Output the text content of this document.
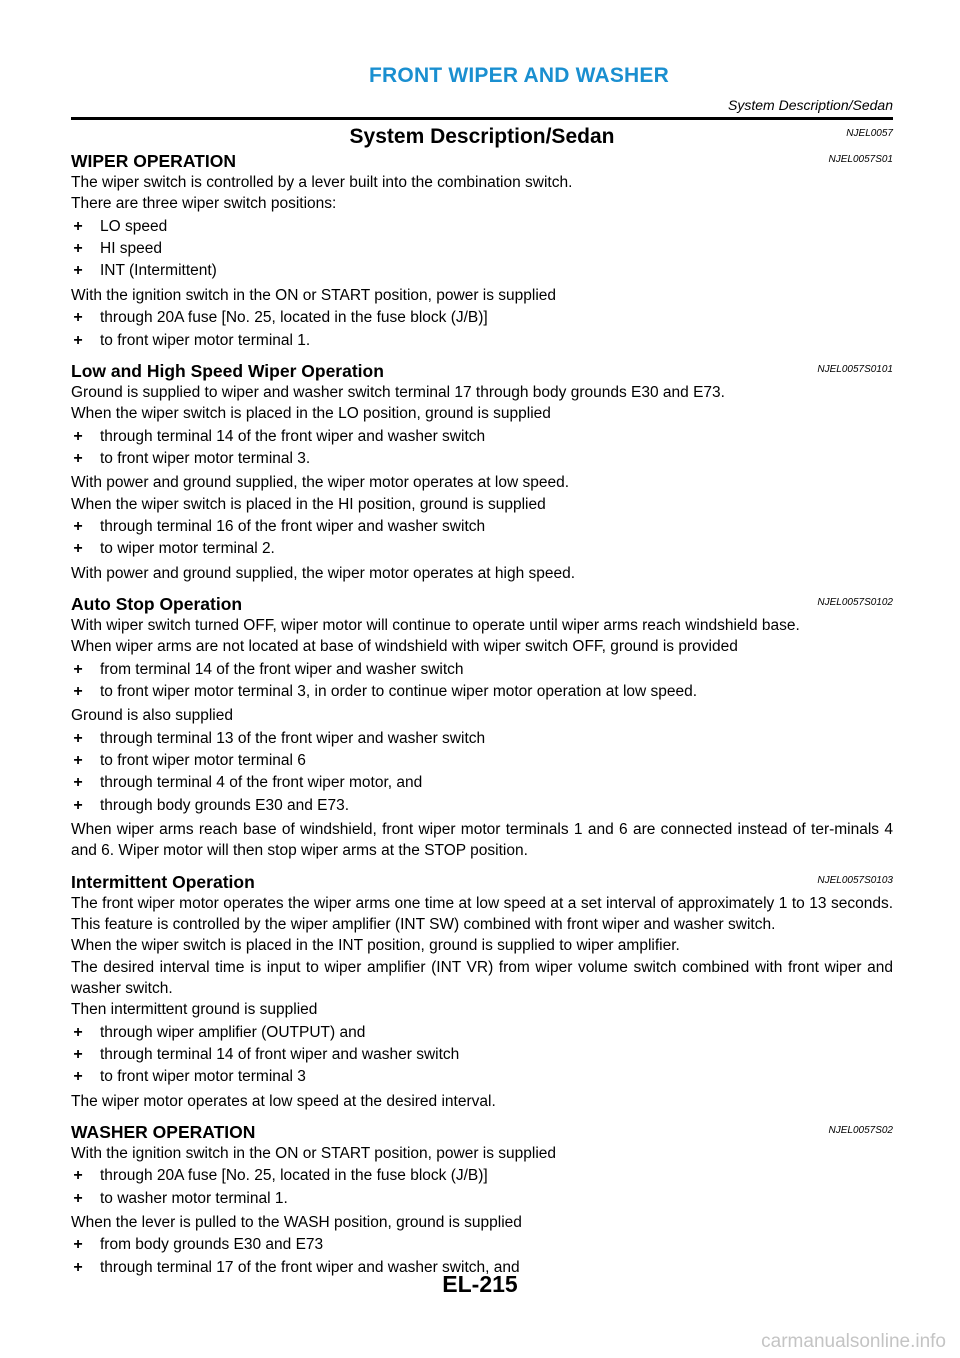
FRONT WIPER AND WASHER
System Description/Sedan
System Description/Sedan	NJEL0057
WIPER OPERATION	NJEL0057S01

The wiper switch is controlled by a lever built into the combination switch.

There are three wiper switch positions:

+ LO speed
+ HI speed
+ INT (Intermittent)

With the ignition switch in the ON or START position, power is supplied

+ through 20A fuse [No. 25, located in the fuse block (J/B)]
+ to front wiper motor terminal 1.
Low and High Speed Wiper Operation	NJEL0057S0101

Ground is supplied to wiper and washer switch terminal 17 through body grounds E30 and E73.

When the wiper switch is placed in the LO position, ground is supplied

+ through terminal 14 of the front wiper and washer switch
+ to front wiper motor terminal 3.

With power and ground supplied, the wiper motor operates at low speed.

When the wiper switch is placed in the HI position, ground is supplied

+ through terminal 16 of the front wiper and washer switch
+ to wiper motor terminal 2.

With power and ground supplied, the wiper motor operates at high speed.

Auto Stop Operation	NJEL0057S0102

With wiper switch turned OFF, wiper motor will continue to operate until wiper arms reach windshield base.

When wiper arms are not located at base of windshield with wiper switch OFF, ground is provided

+ from terminal 14 of the front wiper and washer switch
+ to front wiper motor terminal 3, in order to continue wiper motor operation at low speed.

Ground is also supplied

+ through terminal 13 of the front wiper and washer switch
+ to front wiper motor terminal 6
+ through terminal 4 of the front wiper motor, and
+ through body grounds E30 and E73.

When wiper arms reach base of windshield, front wiper motor terminals 1 and 6 are connected instead of ter-minals 4 and 6. Wiper motor will then stop wiper arms at the STOP position.

Intermittent Operation	NJEL0057S0103

The front wiper motor operates the wiper arms one time at low speed at a set interval of approximately 1 to 13 seconds. This feature is controlled by the wiper amplifier (INT SW) combined with front wiper and washer switch.

When the wiper switch is placed in the INT position, ground is supplied to wiper amplifier.

The desired interval time is input to wiper amplifier (INT VR) from wiper volume switch combined with front wiper and washer switch.

Then intermittent ground is supplied

+ through wiper amplifier (OUTPUT) and
+ through terminal 14 of front wiper and washer switch
+ to front wiper motor terminal 3

The wiper motor operates at low speed at the desired interval.

WASHER OPERATION	NJEL0057S02

With the ignition switch in the ON or START position, power is supplied

+ through 20A fuse [No. 25, located in the fuse block (J/B)]
+ to washer motor terminal 1.

When the lever is pulled to the WASH position, ground is supplied

+ from body grounds E30 and E73
+ through terminal 17 of the front wiper and washer switch, and
EL-215
carmanualsonline.info
